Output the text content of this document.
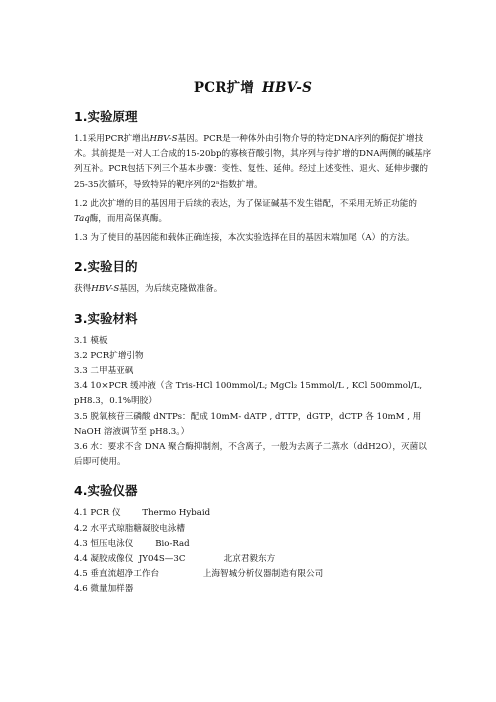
PCR扩增 HBV-S
1.实验原理

1.1采用PCR扩增出HBV-S基因。PCR是一种体外由引物介导的特定DNA序列的酶促扩增技术。其前提是一对人工合成的15-20bp的寡核苷酸引物，其序列与待扩增的DNA两侧的碱基序列互补。PCR包括下列三个基本步骤：变性、复性、延伸。经过上述变性、退火、延伸步骤的25-35次循环，导致特异的靶序列的2ⁿ指数扩增。

1.2 此次扩增的目的基因用于后续的表达，为了保证碱基不发生错配，不采用无矫正功能的Taq酶，而用高保真酶。

1.3 为了使目的基因能和载体正确连接，本次实验选择在目的基因末端加尾（A）的方法。

2.实验目的

获得HBV-S基因，为后续克隆做准备。

3.实验材料

3.1 模板

3.2 PCR扩增引物

3.3 二甲基亚砜

3.4 10×PCR 缓冲液（含 Tris-HCl 100mmol/L; MgCl₂ 15mmol/L , KCl 500mmol/L, pH8.3，0.1%明胶）

3.5 脱氧核苷三磷酸 dNTPs：配成 10mM- dATP , dTTP，dGTP，dCTP 各 10mM , 用 NaOH 溶液调节至 pH8.3。）

3.6 水：要求不含 DNA 聚合酶抑制剂，不含离子，一般为去离子二蒸水（ddH2O），灭菌以后即可使用。

4.实验仪器

4.1 PCR 仪        Thermo Hybaid

4.2 水平式琼脂糖凝胶电泳槽

4.3 恒压电泳仪        Bio-Rad

4.4 凝胶成像仪  JY04S—3C              北京君毅东方

4.5 垂直流超净工作台                上海智城分析仪器制造有限公司

4.6 微量加样器
